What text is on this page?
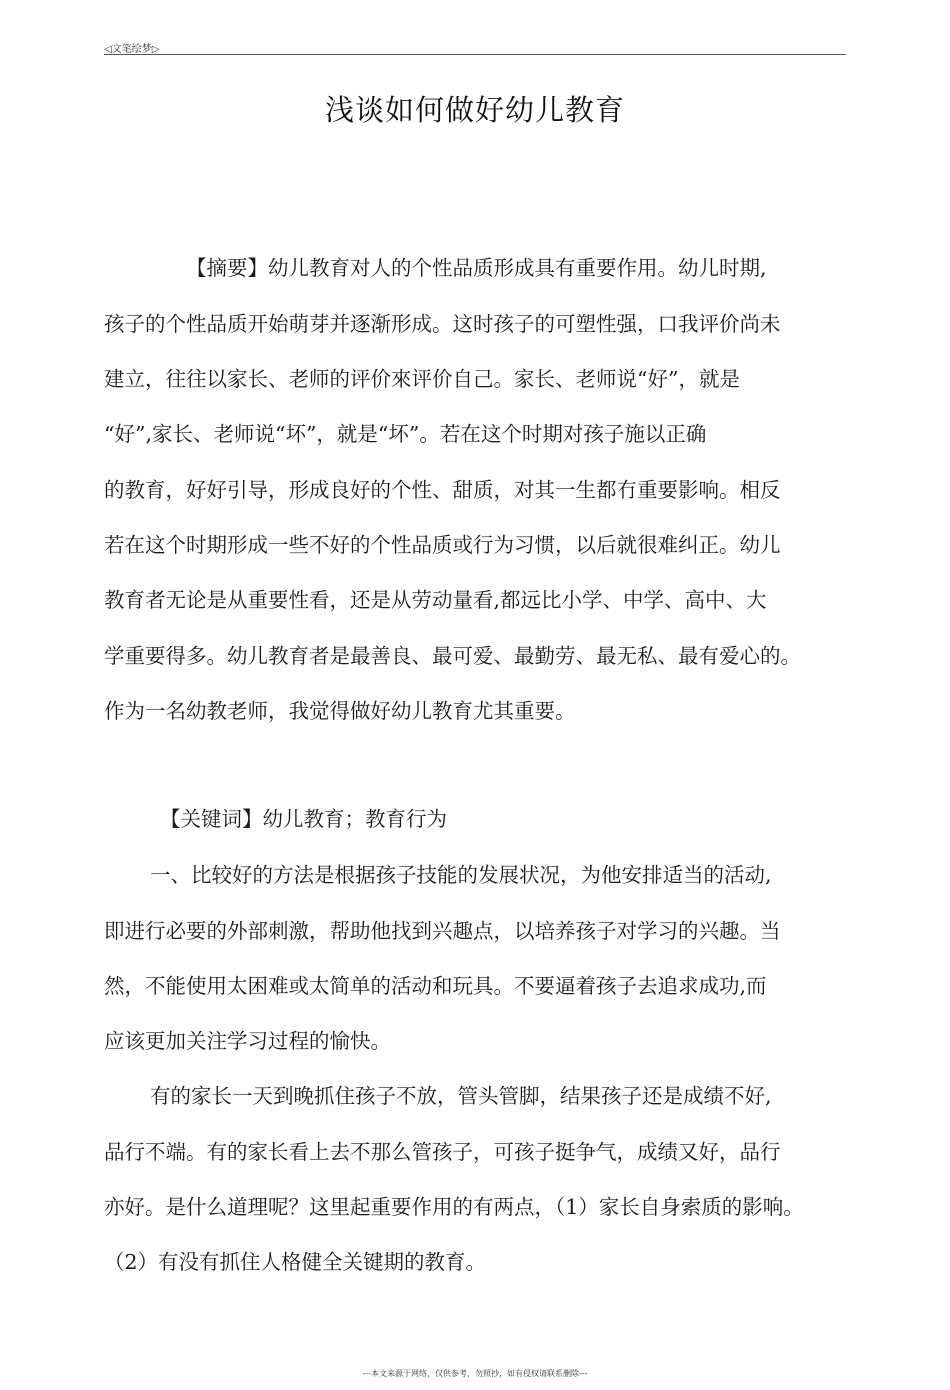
◁文笔绘梦▷
浅谈如何做好幼儿教育
【摘要】幼儿教育对人的个性品质形成具有重要作用。幼儿时期,
孩子的个性品质开始萌芽并逐渐形成。这时孩子的可塑性强，口我评价尚未
建立，往往以家长、老师的评价來评价自己。家长、老师说“好”，就是
“好”,家长、老师说“坏”，就是“坏”。若在这个时期对孩子施以正确
的教育，好好引导，形成良好的个性、甜质，对其一生都冇重要影响。相反
若在这个时期形成一些不好的个性品质或行为习惯，以后就很难纠正。幼儿
教育者无论是从重要性看，还是从劳动量看,都远比小学、中学、高中、大
学重要得多。幼儿教育者是最善良、最可爱、最勤劳、最无私、最有爱心的。
作为一名幼教老师，我觉得做好幼儿教育尤其重要。
【关键词】幼儿教育；教育行为
一、比较好的方法是根据孩子技能的发展状况，为他安排适当的活动,
即进行必要的外部刺激，帮助他找到兴趣点，以培养孩子对学习的兴趣。当
然，不能使用太困难或太简单的活动和玩具。不要逼着孩子去追求成功,而
应该更加关注学习过程的愉快。
有的家长一天到晚抓住孩子不放，管头管脚，结果孩子还是成绩不好,
品行不端。有的家长看上去不那么管孩子，可孩子挺争气，成绩又好，品行
亦好。是什么道理呢？这里起重要作用的有两点，（1）家长自身索质的影响。
（2）有没有抓住人格健全关键期的教育。
---本文来源于网络，仅供参考，勿照抄，如有侵权请联系删除---
